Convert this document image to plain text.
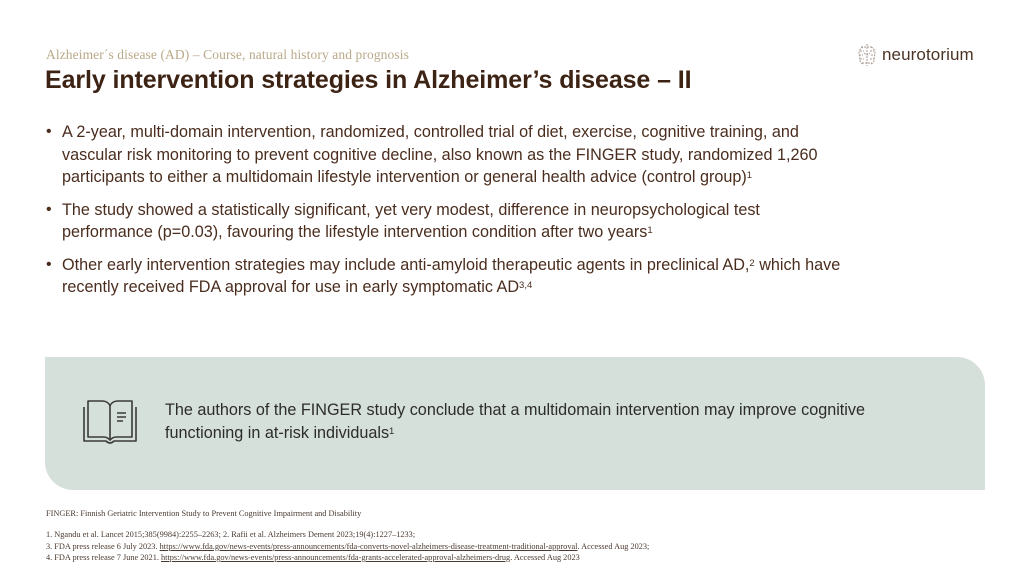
Alzheimer´s disease (AD) – Course, natural history and prognosis
Early intervention strategies in Alzheimer’s disease – II
neurotorium
• A 2-year, multi-domain intervention, randomized, controlled trial of diet, exercise, cognitive training, and vascular risk monitoring to prevent cognitive decline, also known as the FINGER study, randomized 1,260 participants to either a multidomain lifestyle intervention or general health advice (control group)$^1$
• The study showed a statistically significant, yet very modest, difference in neuropsychological test performance (p=0.03), favouring the lifestyle intervention condition after two years$^1$
• Other early intervention strategies may include anti-amyloid therapeutic agents in preclinical AD,$^2$ which have recently received FDA approval for use in early symptomatic AD$^{3,4}$
The authors of the FINGER study conclude that a multidomain intervention may improve cognitive functioning in at-risk individuals$^1$
FINGER: Finnish Geriatric Intervention Study to Prevent Cognitive Impairment and Disability
1. Ngandu et al. Lancet 2015;385(9984):2255–2263; 2. Rafii et al. Alzheimers Dement 2023;19(4):1227–1233;
3. FDA press release 6 July 2023. https://www.fda.gov/news-events/press-announcements/fda-converts-novel-alzheimers-disease-treatment-traditional-approval. Accessed Aug 2023;
4. FDA press release 7 June 2021. https://www.fda.gov/news-events/press-announcements/fda-grants-accelerated-approval-alzheimers-drug. Accessed Aug 2023
